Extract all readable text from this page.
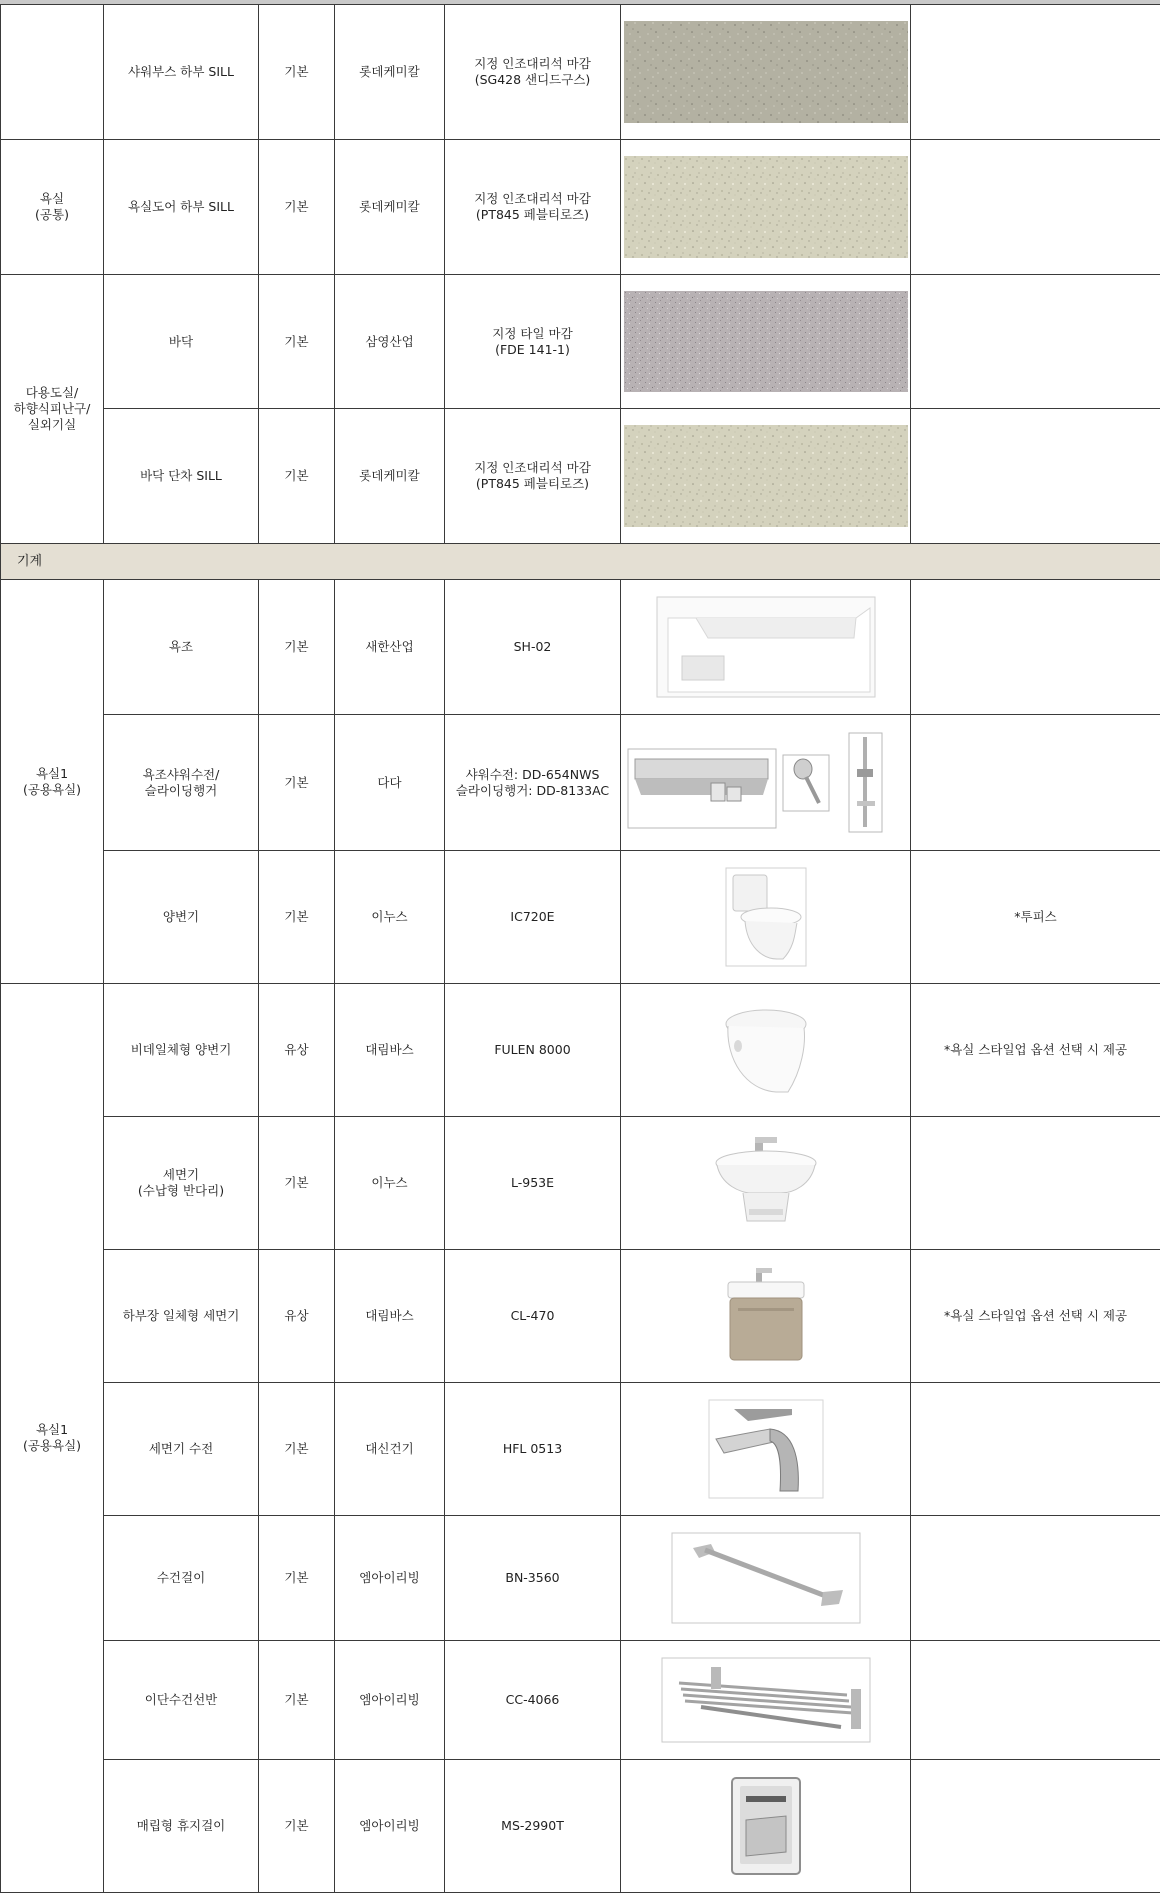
	샤워부스 하부 SILL	기본	롯데케미칼	지정 인조대리석 마감
(SG428 샌디드구스)	

욕실
(공통)	욕실도어 하부 SILL	기본	롯데케미칼	지정 인조대리석 마감
(PT845 페블티로즈)	

다용도실/
하향식피난구/
실외기실	바닥	기본	삼영산업	지정 타일 마감
(FDE 141-1)	

	바닥 단차 SILL	기본	롯데케미칼	지정 인조대리석 마감
(PT845 페블티로즈)	

기계						
욕실1
(공용욕실)	욕조	기본	새한산업	SH-02	

	욕조샤워수전/
슬라이딩행거	기본	다다	샤워수전: DD-654NWS
슬라이딩행거: DD-8133AC	

	양변기	기본	이누스	IC720E		*투피스
욕실1
(공용욕실)	비데일체형 양변기	유상	대림바스	FULEN 8000		*욕실 스타일업 옵션 선택 시 제공
	세면기
(수납형 반다리)	기본	이누스	L-953E	

	하부장 일체형 세면기	유상	대림바스	CL-470		*욕실 스타일업 옵션 선택 시 제공
	세면기 수전	기본	대신건기	HFL 0513	

	수건걸이	기본	엠아이리빙	BN-3560	

	이단수건선반	기본	엠아이리빙	CC-4066	

	매립형 휴지걸이	기본	엠아이리빙	MS-2990T	
